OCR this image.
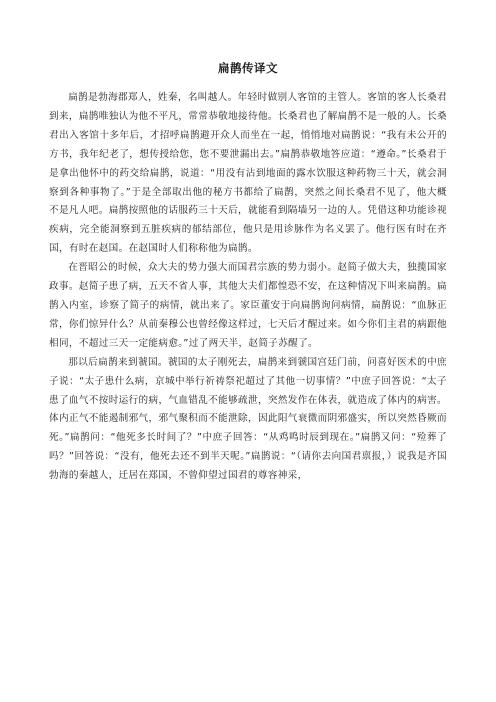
扁鹊传译文

扁鹊是勃海郡郑人，姓秦，名叫越人。年轻时做别人客馆的主管人。客馆的客人长桑君到来，扁鹊唯独认为他不平凡，常常恭敬地接待他。长桑君也了解扁鹊不是一般的人。长桑君出入客馆十多年后，才招呼扁鹊避开众人而坐在一起，悄悄地对扁鹊说：“我有未公开的方书，我年纪老了，想传授给您，您不要泄漏出去。”扁鹊恭敬地答应道：“遵命。”长桑君于是拿出他怀中的药交给扁鹊，说道：“用没有沾到地面的露水饮服这种药物三十天，就会洞察到各种事物了。”于是全部取出他的秘方书都给了扁鹊，突然之间长桑君不见了，他大概不是凡人吧。扁鹊按照他的话服药三十天后，就能看到隔墙另一边的人。凭借这种功能诊视疾病，完全能洞察到五脏疾病的郁结部位，他只是用诊脉作为名义罢了。他行医有时在齐国，有时在赵国。在赵国时人们称称他为扁鹊。

在晋昭公的时候，众大夫的势力强大而国君宗族的势力弱小。赵简子做大夫，独揽国家政事。赵简子患了病，五天不省人事，其他大夫们都惶恐不安，在这种情况下叫来扁鹊。扁鹊入内室，诊察了简子的病情，就出来了。家臣董安于向扁鹊询问病情，扁鹊说：“血脉正常，你们惊异什么？从前秦穆公也曾经像这样过，七天后才醒过来。如今你们主君的病跟他相同，不超过三天一定能病愈。”过了两天半，赵简子苏醒了。

那以后扁鹊来到虢国。虢国的太子刚死去，扁鹊来到虢国宫廷门前，问喜好医术的中庶子说：“太子患什么病，京城中举行祈祷祭祀超过了其他一切事情？”中庶子回答说：“太子患了血气不按时运行的病，气血错乱不能够疏泄，突然发作在体表，就造成了体内的病害。体内正气不能遏制邪气，邪气聚积而不能泄除，因此阳气衰微而阴邪盛实，所以突然昏厥而死。”扁鹊问：“他死多长时间了？”中庶子回答：“从鸡鸣时辰到现在。”扁鹊又问：“殓葬了吗？”回答说：“没有，他死去还不到半天呢。”扁鹊说：“（请你去向国君禀报，）说我是齐国勃海的秦越人，迁居在郑国，不曾仰望过国君的尊容神采，
